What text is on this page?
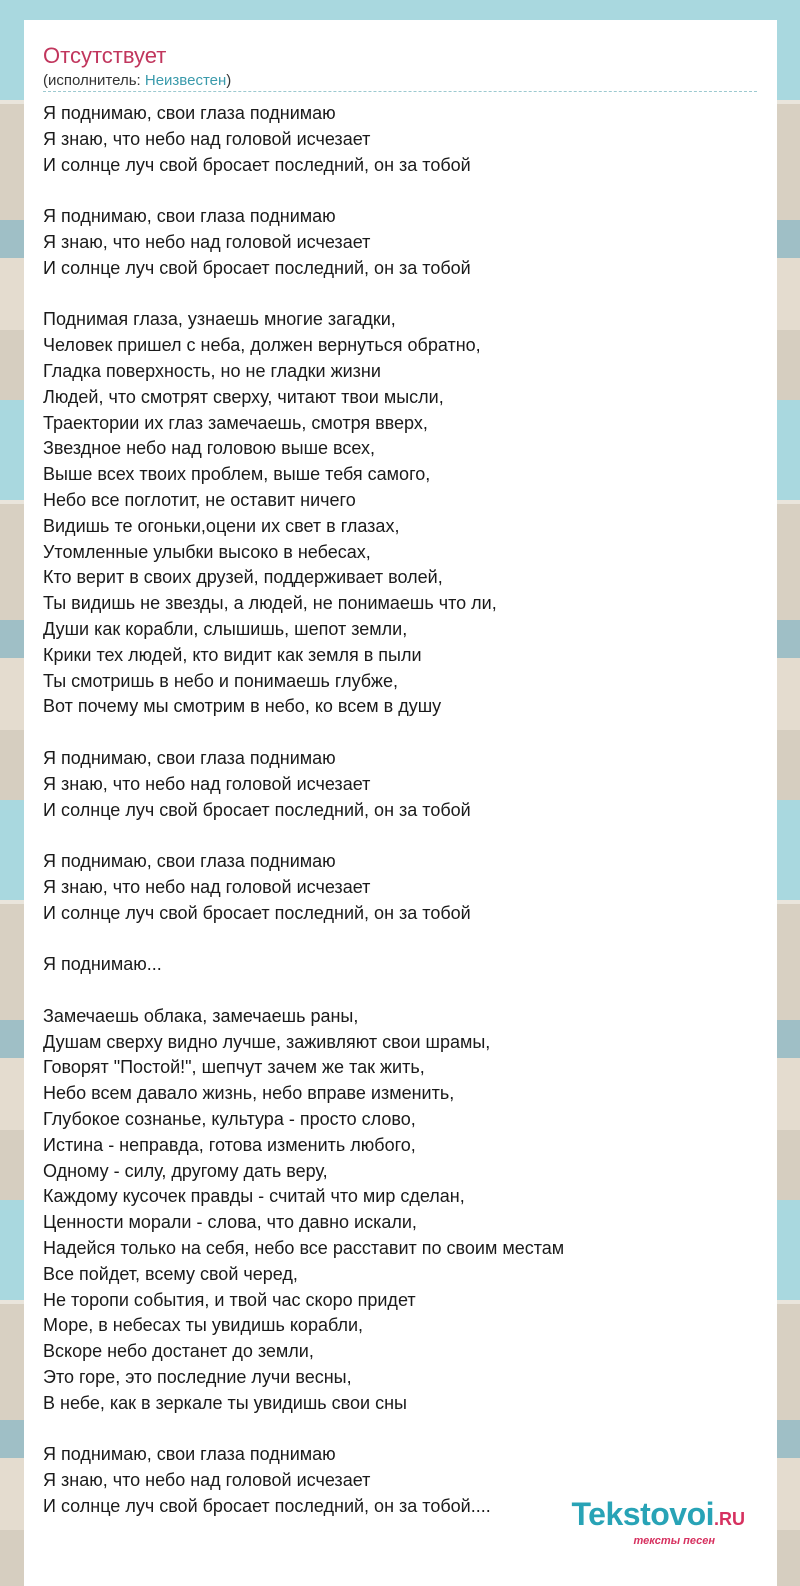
Отсутствует
(исполнитель: Неизвестен)
Я поднимаю, свои глаза поднимаю
Я знаю, что небо над головой исчезает
И солнце луч свой бросает последний, он за тобой
Я поднимаю, свои глаза поднимаю
Я знаю, что небо над головой исчезает
И солнце луч свой бросает последний, он за тобой
Поднимая глаза, узнаешь многие загадки,
Человек пришел с неба, должен вернуться обратно,
Гладка поверхность, но не гладки жизни
Людей, что смотрят сверху, читают твои мысли,
Траектории их глаз замечаешь, смотря вверх,
Звездное небо над головою выше всех,
Выше всех твоих проблем, выше тебя самого,
Небо все поглотит, не оставит ничего
Видишь те огоньки,оцени их свет в глазах,
Утомленные улыбки высоко в небесах,
Кто верит в своих друзей, поддерживает волей,
Ты видишь не звезды, а людей, не понимаешь что ли,
Души как корабли, слышишь, шепот земли,
Крики тех людей, кто видит как земля в пыли
Ты смотришь в небо и понимаешь глубже,
Вот почему мы смотрим в небо, ко всем в душу
Я поднимаю, свои глаза поднимаю
Я знаю, что небо над головой исчезает
И солнце луч свой бросает последний, он за тобой
Я поднимаю, свои глаза поднимаю
Я знаю, что небо над головой исчезает
И солнце луч свой бросает последний, он за тобой
Я поднимаю...
Замечаешь облака, замечаешь раны,
Душам сверху видно лучше, заживляют свои шрамы,
Говорят "Постой!", шепчут зачем же так жить,
Небо всем давало жизнь, небо вправе изменить,
Глубокое сознанье, культура - просто слово,
Истина - неправда, готова изменить любого,
Одному - силу, другому дать веру,
Каждому кусочек правды - считай что мир сделан,
Ценности морали - слова, что давно искали,
Надейся только на себя, небо все расставит по своим местам
Все пойдет, всему свой черед,
Не торопи события, и твой час скоро придет
Море, в небесах ты увидишь корабли,
Вскоре небо достанет до земли,
Это горе, это последние лучи весны,
В небе, как в зеркале ты увидишь свои сны
Я поднимаю, свои глаза поднимаю
Я знаю, что небо над головой исчезает
И солнце луч свой бросает последний, он за тобой....	Tekstovoi.RU
тексты песен
